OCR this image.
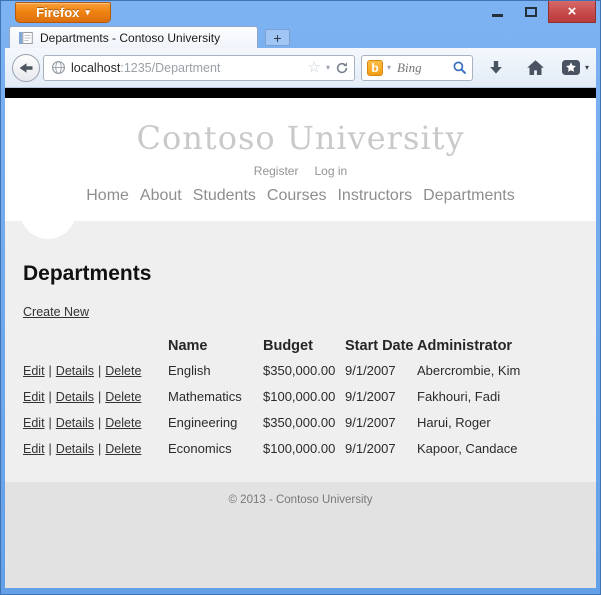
Firefox ▾	×
Departments - Contoso University	+
localhost:1235/Department	☆ ▾	b	▾
Bing	▾
Contoso University
Register Log in
Home About Students Courses Instructors Departments
Departments
Create New
	Name	Budget	Start Date	Administrator
Edit | Details | Delete	English	$350,000.00	9/1/2007	Abercrombie, Kim
Edit | Details | Delete	Mathematics	$100,000.00	9/1/2007	Fakhouri, Fadi
Edit | Details | Delete	Engineering	$350,000.00	9/1/2007	Harui, Roger
Edit | Details | Delete	Economics	$100,000.00	9/1/2007	Kapoor, Candace
© 2013 - Contoso University
